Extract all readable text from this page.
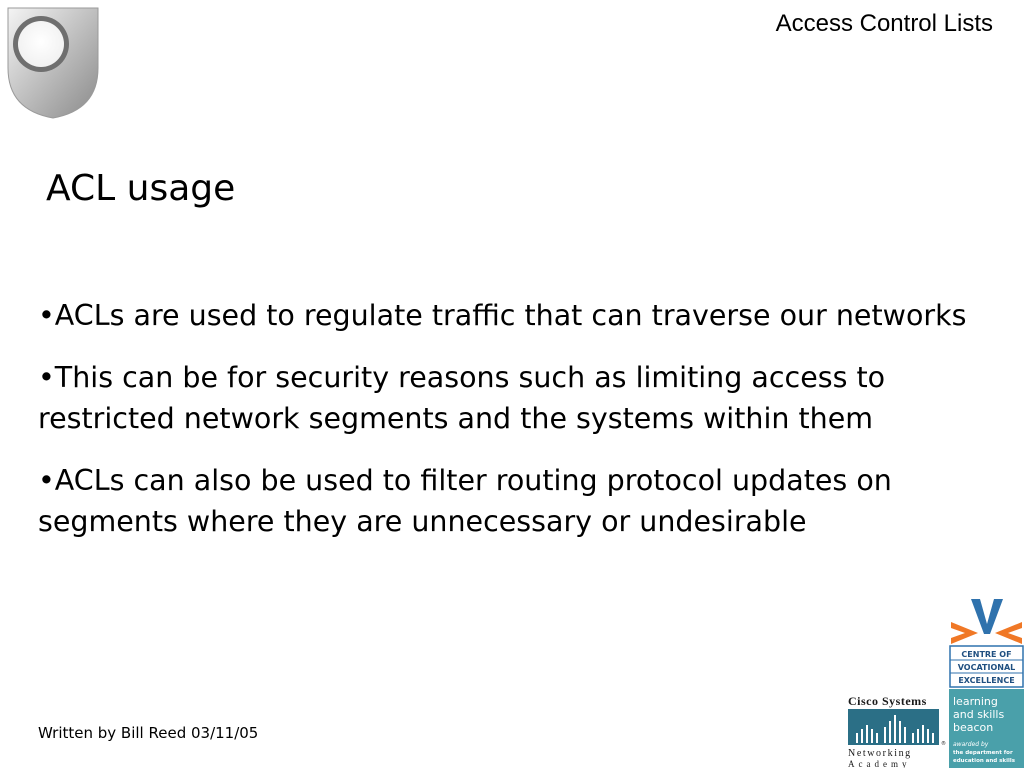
Access Control Lists
ACL usage
•ACLs are used to regulate traffic that can traverse our networks
•This can be for security reasons such as limiting access to restricted network segments and the systems within them
•ACLs can also be used to filter routing protocol updates on segments where they are unnecessary or undesirable
Written by Bill Reed 03/11/05
Cisco Systems
®
Networking
Academy
CENTRE OF
VOCATIONAL
EXCELLENCE
learning
and skills
beacon
awarded by
the department for
education and skills
